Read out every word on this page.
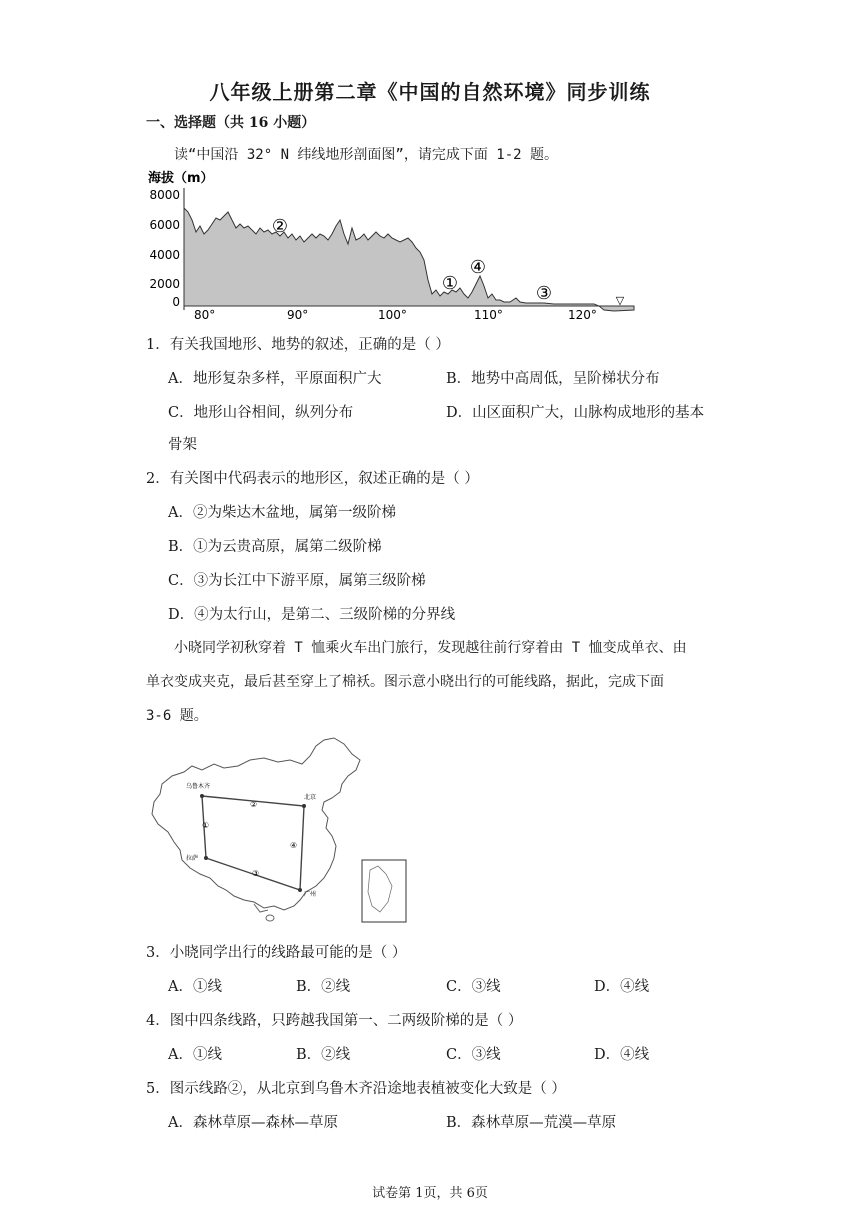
八年级上册第二章《中国的自然环境》同步训练
一、选择题（共 16 小题）
读“中国沿 32° N 纬线地形剖面图”，请完成下面 1-2 题。
海拔（m）
8000
6000
4000
2000
0
80°	90°	100°	110°	120°
②
①
④
③	▽
1．有关我国地形、地势的叙述，正确的是（ ）
A．地形复杂多样，平原面积广大	B．地势中高周低，呈阶梯状分布
C．地形山谷相间，纵列分布	D．山区面积广大，山脉构成地形的基本
骨架
2．有关图中代码表示的地形区，叙述正确的是（ ）
A．②为柴达木盆地，属第一级阶梯
B．①为云贵高原，属第二级阶梯
C．③为长江中下游平原，属第三级阶梯
D．④为太行山，是第二、三级阶梯的分界线
小晓同学初秋穿着 T 恤乘火车出门旅行，发现越往前行穿着由 T 恤变成单衣、由
单衣变成夹克，最后甚至穿上了棉袄。图示意小晓出行的可能线路，据此，完成下面
3-6 题。
乌鲁木齐
北京
拉萨
广州
①
②
③
④
3．小晓同学出行的线路最可能的是（ ）
A．①线	B．②线	C．③线	D．④线
4．图中四条线路，只跨越我国第一、二两级阶梯的是（ ）
A．①线	B．②线	C．③线	D．④线
5．图示线路②，从北京到乌鲁木齐沿途地表植被变化大致是（ ）
A．森林草原—森林—草原	B．森林草原—荒漠—草原
试卷第 1页，共 6页
